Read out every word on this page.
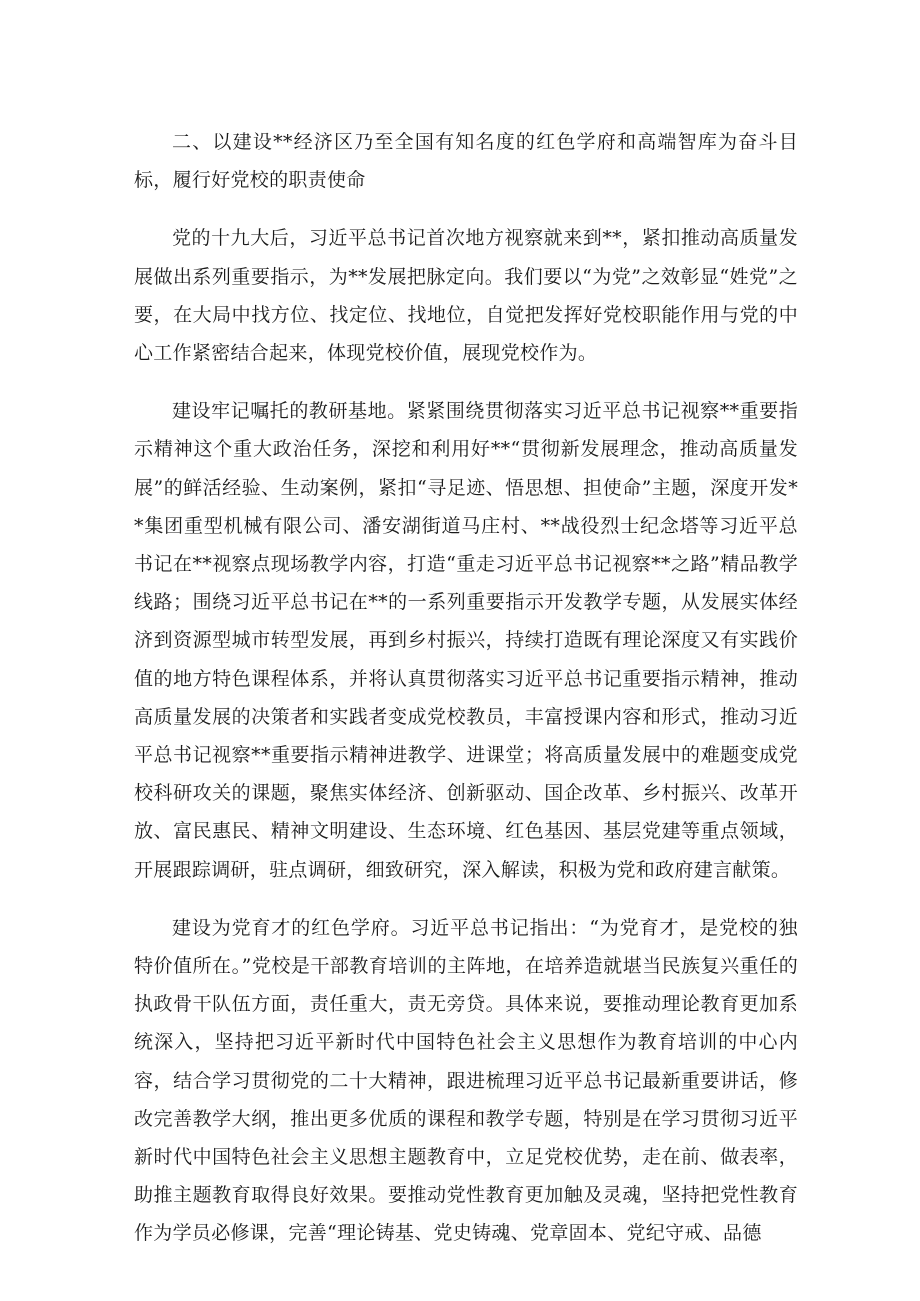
二、以建设**经济区乃至全国有知名度的红色学府和高端智库为奋斗目标，履行好党校的职责使命

党的十九大后，习近平总书记首次地方视察就来到**，紧扣推动高质量发展做出系列重要指示，为**发展把脉定向。我们要以“为党”之效彰显“姓党”之要，在大局中找方位、找定位、找地位，自觉把发挥好党校职能作用与党的中心工作紧密结合起来，体现党校价值，展现党校作为。

建设牢记嘱托的教研基地。紧紧围绕贯彻落实习近平总书记视察**重要指示精神这个重大政治任务，深挖和利用好**“贯彻新发展理念，推动高质量发展”的鲜活经验、生动案例，紧扣“寻足迹、悟思想、担使命”主题，深度开发**集团重型机械有限公司、潘安湖街道马庄村、**战役烈士纪念塔等习近平总书记在**视察点现场教学内容，打造“重走习近平总书记视察**之路”精品教学线路；围绕习近平总书记在**的一系列重要指示开发教学专题，从发展实体经济到资源型城市转型发展，再到乡村振兴，持续打造既有理论深度又有实践价值的地方特色课程体系，并将认真贯彻落实习近平总书记重要指示精神，推动高质量发展的决策者和实践者变成党校教员，丰富授课内容和形式，推动习近平总书记视察**重要指示精神进教学、进课堂；将高质量发展中的难题变成党校科研攻关的课题，聚焦实体经济、创新驱动、国企改革、乡村振兴、改革开放、富民惠民、精神文明建设、生态环境、红色基因、基层党建等重点领域，开展跟踪调研，驻点调研，细致研究，深入解读，积极为党和政府建言献策。

建设为党育才的红色学府。习近平总书记指出：“为党育才，是党校的独特价值所在。”党校是干部教育培训的主阵地，在培养造就堪当民族复兴重任的执政骨干队伍方面，责任重大，责无旁贷。具体来说，要推动理论教育更加系统深入，坚持把习近平新时代中国特色社会主义思想作为教育培训的中心内容，结合学习贯彻党的二十大精神，跟进梳理习近平总书记最新重要讲话，修改完善教学大纲，推出更多优质的课程和教学专题，特别是在学习贯彻习近平新时代中国特色社会主义思想主题教育中，立足党校优势，走在前、做表率，助推主题教育取得良好效果。要推动党性教育更加触及灵魂，坚持把党性教育作为学员必修课，完善“理论铸基、党史铸魂、党章固本、党纪守戒、品德
